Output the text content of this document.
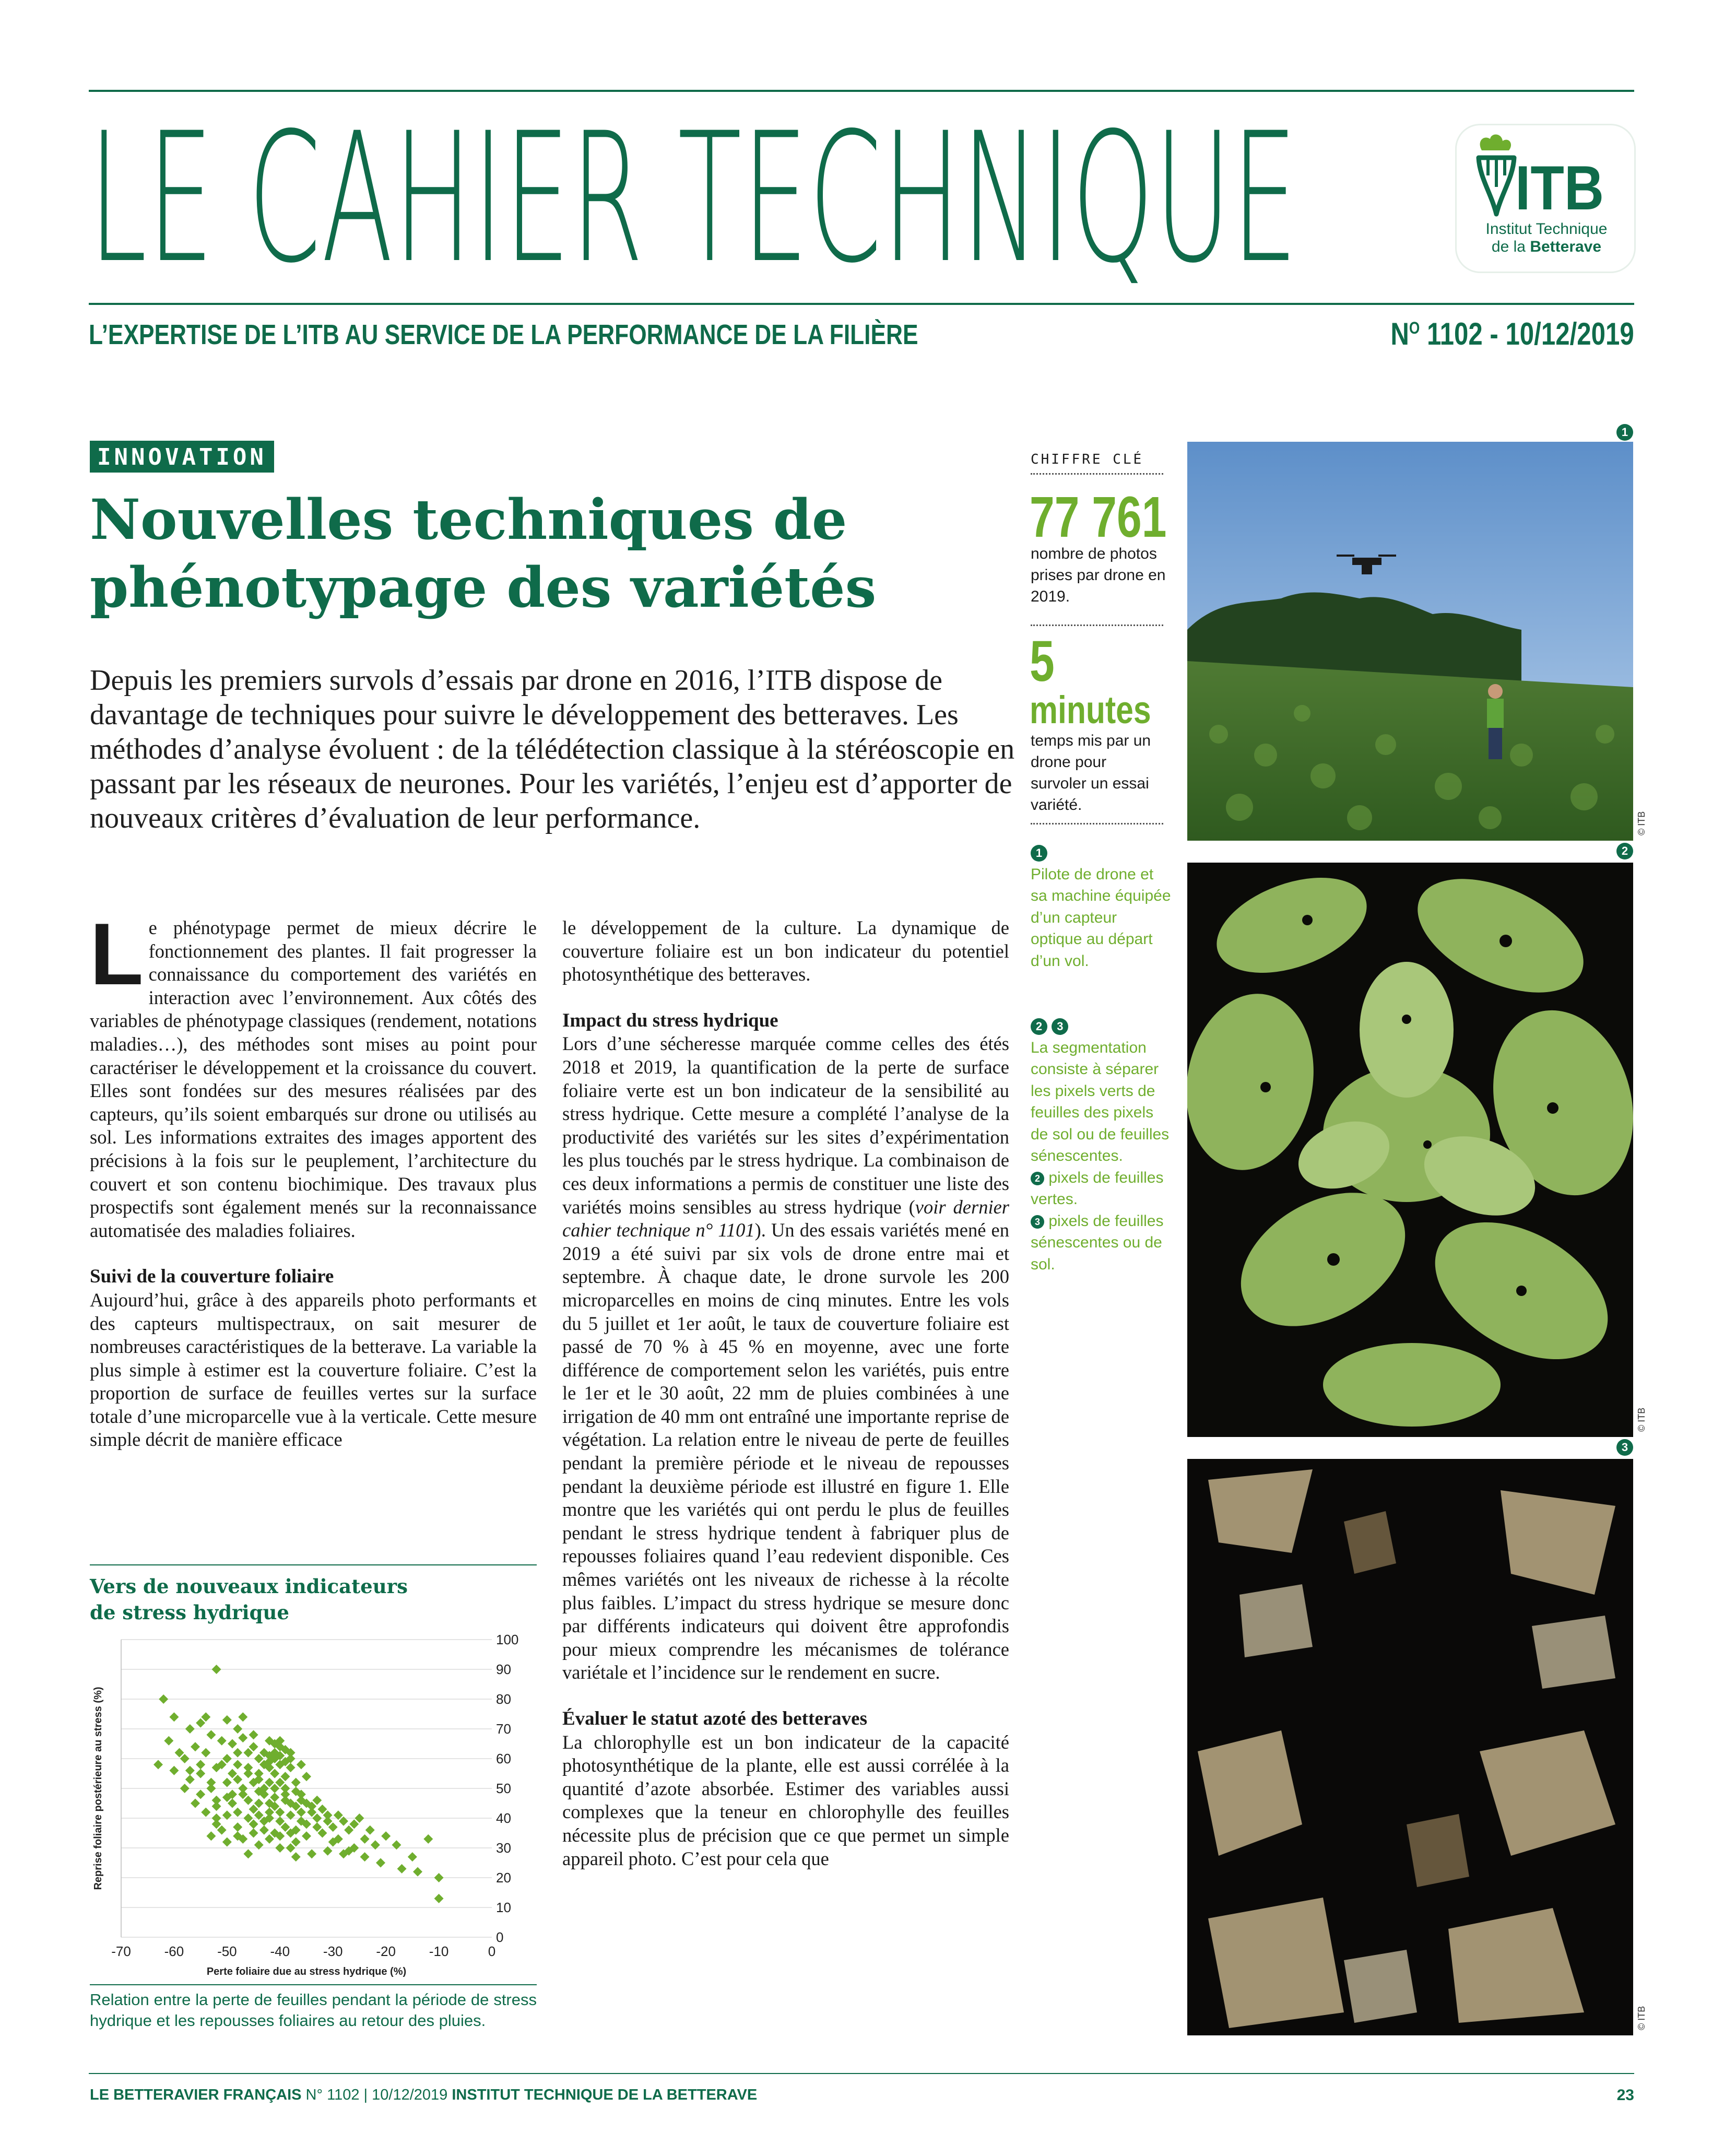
LE CAHIER TECHNIQUE	ITB
Institut Technique
de la Betterave
L’EXPERTISE DE L’ITB AU SERVICE DE LA PERFORMANCE DE LA FILIÈRE	$N^O$ 1102 - 10/12/2019
INNOVATION
Nouvelles techniques de
phénotypage des variétés
Depuis les premiers survols d’essais par drone en 2016, l’ITB dispose de davantage de techniques pour suivre le développement des betteraves. Les méthodes d’analyse évoluent : de la télédétection classique à la stéréoscopie en passant par les réseaux de neurones. Pour les variétés, l’enjeu est d’apporter de nouveaux critères d’évaluation de leur performance.

Le phénotypage permet de mieux décrire le fonctionnement des plantes. Il fait progresser la connaissance du comportement des variétés en interaction avec l’environnement. Aux côtés des variables de phénotypage classiques (rendement, notations maladies…), des méthodes sont mises au point pour caractériser le développement et la croissance du couvert. Elles sont fondées sur des mesures réalisées par des capteurs, qu’ils soient embarqués sur drone ou utilisés au sol. Les informations extraites des images apportent des précisions à la fois sur le peuplement, l’architecture du couvert et son contenu biochimique. Des travaux plus prospectifs sont également menés sur la reconnaissance automatisée des maladies foliaires.

Suivi de la couverture foliaire

Aujourd’hui, grâce à des appareils photo performants et des capteurs multispectraux, on sait mesurer de nombreuses caractéristiques de la betterave. La variable la plus simple à estimer est la couverture foliaire. C’est la proportion de surface de feuilles vertes sur la surface totale d’une microparcelle vue à la verticale. Cette mesure simple décrit de manière efficace

Vers de nouveaux indicateurs
de stress hydrique
0
10
20
30
40
50
60
70
80
90
100
-70 -60 -50 -40 -30 -20 -10	0
Perte foliaire due au stress hydrique (%)
Reprise foliaire postérieure au stress (%)
Relation entre la perte de feuilles pendant la période de stress hydrique et les repousses foliaires au retour des pluies.

le développement de la culture. La dynamique de couverture foliaire est un bon indicateur du potentiel photosynthétique des betteraves.

Impact du stress hydrique

Lors d’une sécheresse marquée comme celles des étés 2018 et 2019, la quantification de la perte de surface foliaire verte est un bon indicateur de la sensibilité au stress hydrique. Cette mesure a complété l’analyse de la productivité des variétés sur les sites d’expérimentation les plus touchés par le stress hydrique. La combinaison de ces deux informations a permis de constituer une liste des variétés moins sensibles au stress hydrique (voir dernier cahier technique n° 1101). Un des essais variétés mené en 2019 a été suivi par six vols de drone entre mai et septembre. À chaque date, le drone survole les 200 microparcelles en moins de cinq minutes. Entre les vols du 5 juillet et 1er août, le taux de couverture foliaire est passé de 70 % à 45 % en moyenne, avec une forte différence de comportement selon les variétés, puis entre le 1er et le 30 août, 22 mm de pluies combinées à une irrigation de 40 mm ont entraîné une importante reprise de végétation. La relation entre le niveau de perte de feuilles pendant la première période et le niveau de repousses pendant la deuxième période est illustré en figure 1. Elle montre que les variétés qui ont perdu le plus de feuilles pendant le stress hydrique tendent à fabriquer plus de repousses foliaires quand l’eau redevient disponible. Ces mêmes variétés ont les niveaux de richesse à la récolte plus faibles. L’impact du stress hydrique se mesure donc par différents indicateurs qui doivent être approfondis pour mieux comprendre les mécanismes de tolérance variétale et l’incidence sur le rendement en sucre.

Évaluer le statut azoté des betteraves

La chlorophylle est un bon indicateur de la capacité photosynthétique de la plante, elle est aussi corrélée à la quantité d’azote absorbée. Estimer des variables aussi complexes que la teneur en chlorophylle des feuilles nécessite plus de précision que ce que permet un simple appareil photo. C’est pour cela que

CHIFFRE CLÉ
77 761
nombre de photos prises par drone en 2019.
5
minutes
temps mis par un drone pour survoler un essai variété.
1
Pilote de drone et sa machine équipée d’un capteur optique au départ d’un vol.
2 3
La segmentation consiste à séparer les pixels verts de feuilles des pixels de sol ou de feuilles sénescentes.
2 pixels de feuilles vertes.
3 pixels de feuilles sénescentes ou de sol.
1
© ITB
2
© ITB
3
© ITB
LE BETTERAVIER FRANÇAIS N° 1102 | 10/12/2019 INSTITUT TECHNIQUE DE LA BETTERAVE	23
